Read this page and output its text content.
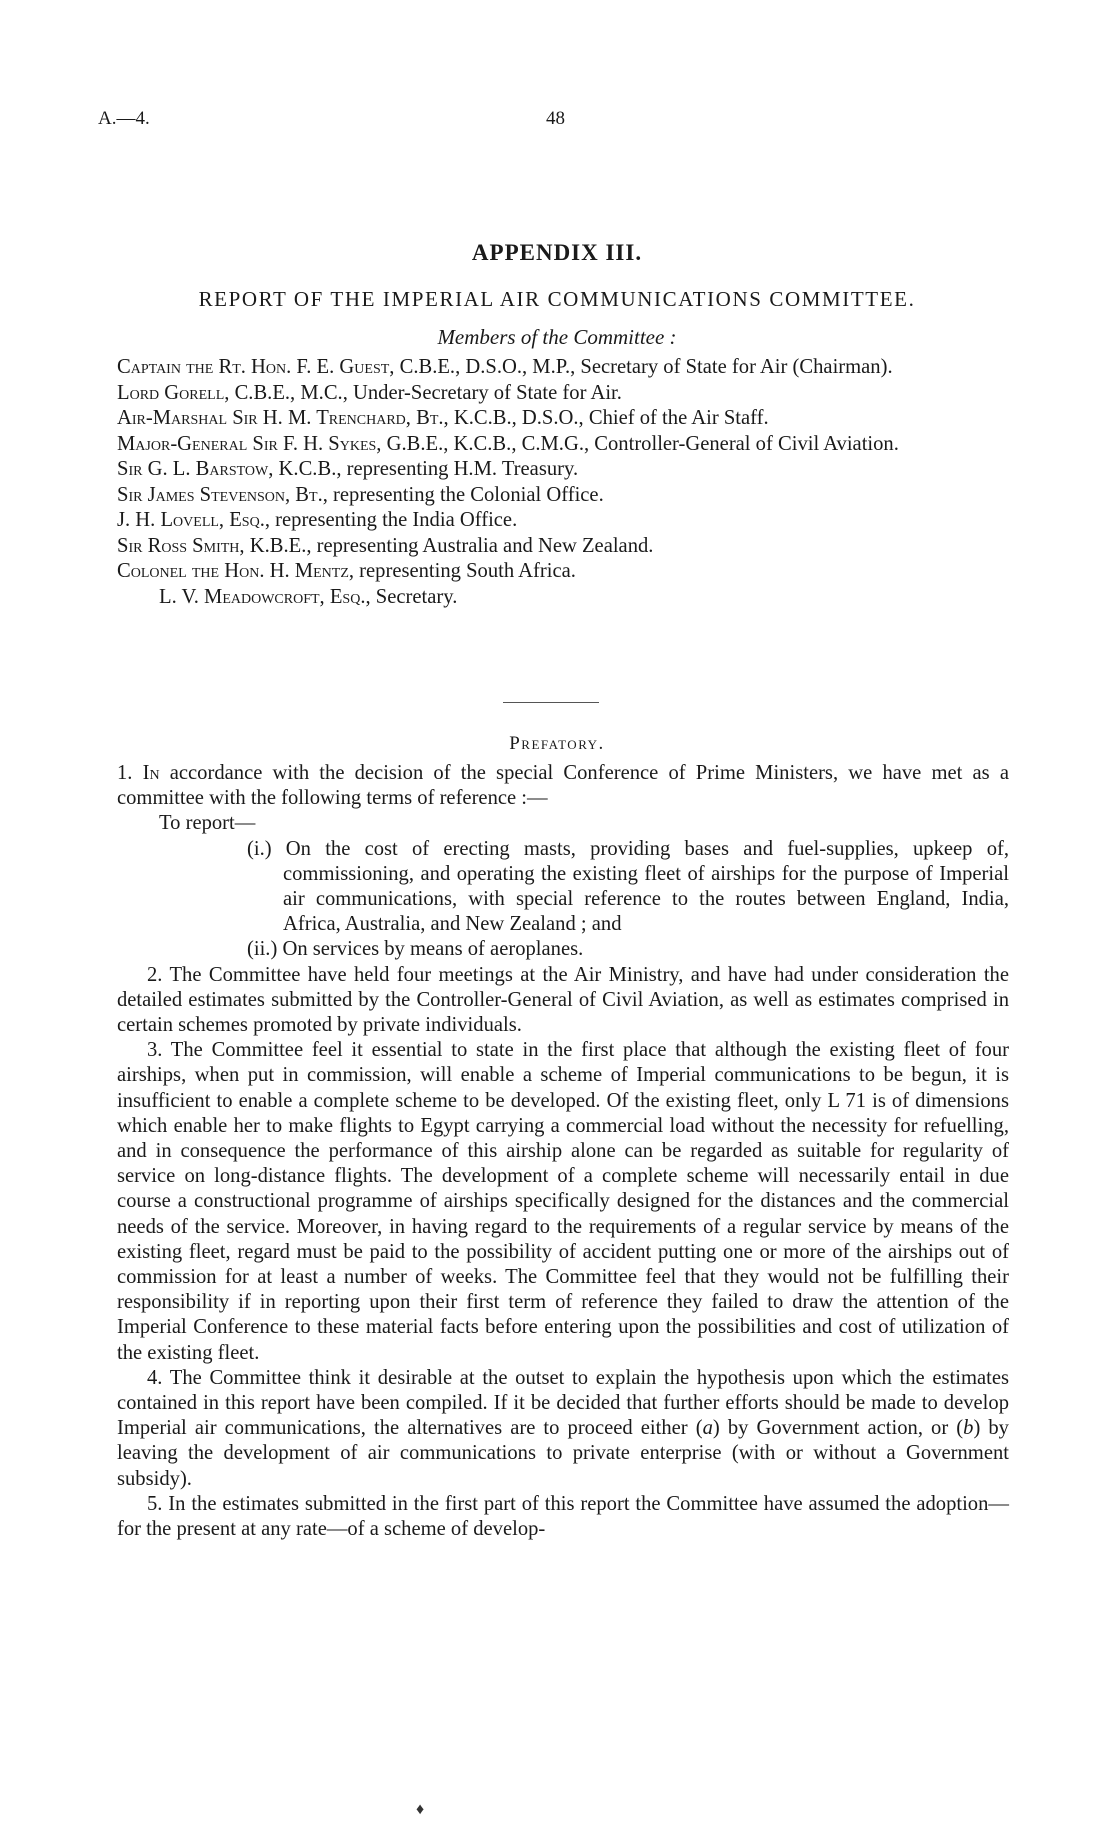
A.—4.	48
APPENDIX III.
REPORT OF THE IMPERIAL AIR COMMUNICATIONS COMMITTEE.
Members of the Committee :
Captain the Rt. Hon. F. E. Guest, C.B.E., D.S.O., M.P., Secretary of State for Air (Chairman).
Lord Gorell, C.B.E., M.C., Under-Secretary of State for Air.
Air-Marshal Sir H. M. Trenchard, Bt., K.C.B., D.S.O., Chief of the Air Staff.
Major-General Sir F. H. Sykes, G.B.E., K.C.B., C.M.G., Controller-General of Civil Aviation.
Sir G. L. Barstow, K.C.B., representing H.M. Treasury.
Sir James Stevenson, Bt., representing the Colonial Office.
J. H. Lovell, Esq., representing the India Office.
Sir Ross Smith, K.B.E., representing Australia and New Zealand.
Colonel the Hon. H. Mentz, representing South Africa.
L. V. Meadowcroft, Esq., Secretary.
Prefatory.

1. In accordance with the decision of the special Conference of Prime Ministers, we have met as a committee with the following terms of reference :—

To report—

(i.) On the cost of erecting masts, providing bases and fuel-supplies, upkeep of, commissioning, and operating the existing fleet of airships for the purpose of Imperial air communications, with special reference to the routes between England, India, Africa, Australia, and New Zealand ; and

(ii.) On services by means of aeroplanes.

2. The Committee have held four meetings at the Air Ministry, and have had under consideration the detailed estimates submitted by the Controller-General of Civil Aviation, as well as estimates comprised in certain schemes promoted by private individuals.

3. The Committee feel it essential to state in the first place that although the existing fleet of four airships, when put in commission, will enable a scheme of Imperial communications to be begun, it is insufficient to enable a complete scheme to be developed. Of the existing fleet, only L 71 is of dimensions which enable her to make flights to Egypt carrying a commercial load without the necessity for refuelling, and in consequence the performance of this airship alone can be regarded as suitable for regularity of service on long-distance flights. The development of a complete scheme will necessarily entail in due course a constructional programme of airships specifically designed for the distances and the commercial needs of the service. Moreover, in having regard to the requirements of a regular service by means of the existing fleet, regard must be paid to the possibility of accident putting one or more of the airships out of commission for at least a number of weeks. The Committee feel that they would not be fulfilling their responsibility if in reporting upon their first term of reference they failed to draw the attention of the Imperial Conference to these material facts before entering upon the possibilities and cost of utilization of the existing fleet.

4. The Committee think it desirable at the outset to explain the hypothesis upon which the estimates contained in this report have been compiled. If it be decided that further efforts should be made to develop Imperial air communications, the alternatives are to proceed either (a) by Government action, or (b) by leaving the development of air communications to private enterprise (with or without a Government subsidy).

5. In the estimates submitted in the first part of this report the Committee have assumed the adoption—for the present at any rate—of a scheme of develop-

♦
